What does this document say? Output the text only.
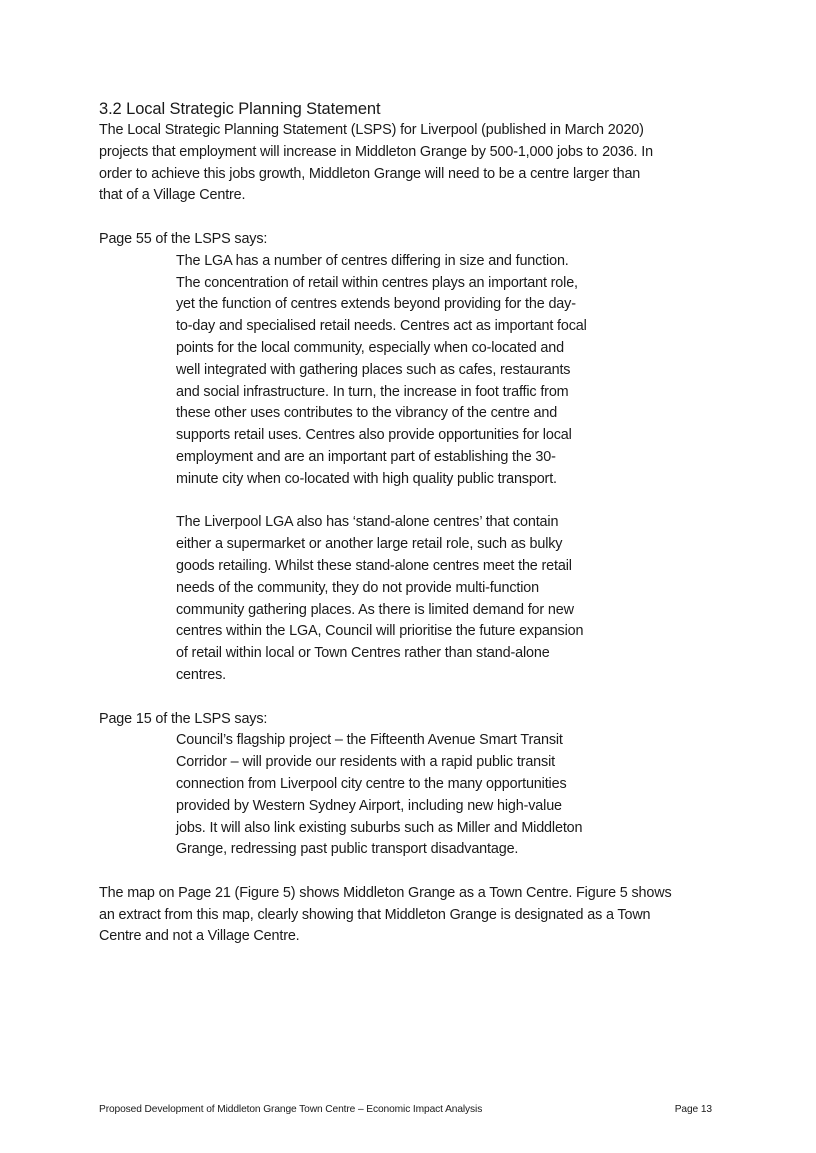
3.2 Local Strategic Planning Statement

The Local Strategic Planning Statement (LSPS) for Liverpool (published in March 2020)
projects that employment will increase in Middleton Grange by 500-1,000 jobs to 2036. In
order to achieve this jobs growth, Middleton Grange will need to be a centre larger than
that of a Village Centre.

Page 55 of the LSPS says:

The LGA has a number of centres differing in size and function.
The concentration of retail within centres plays an important role,
yet the function of centres extends beyond providing for the day-
to-day and specialised retail needs. Centres act as important focal
points for the local community, especially when co-located and
well integrated with gathering places such as cafes, restaurants
and social infrastructure. In turn, the increase in foot traffic from
these other uses contributes to the vibrancy of the centre and
supports retail uses. Centres also provide opportunities for local
employment and are an important part of establishing the 30-
minute city when co-located with high quality public transport.
The Liverpool LGA also has ‘stand-alone centres’ that contain
either a supermarket or another large retail role, such as bulky
goods retailing. Whilst these stand-alone centres meet the retail
needs of the community, they do not provide multi-function
community gathering places. As there is limited demand for new
centres within the LGA, Council will prioritise the future expansion
of retail within local or Town Centres rather than stand-alone
centres.

Page 15 of the LSPS says:

Council’s flagship project – the Fifteenth Avenue Smart Transit
Corridor – will provide our residents with a rapid public transit
connection from Liverpool city centre to the many opportunities
provided by Western Sydney Airport, including new high-value
jobs. It will also link existing suburbs such as Miller and Middleton
Grange, redressing past public transport disadvantage.

The map on Page 21 (Figure 5) shows Middleton Grange as a Town Centre. Figure 5 shows
an extract from this map, clearly showing that Middleton Grange is designated as a Town
Centre and not a Village Centre.

Proposed Development of Middleton Grange Town Centre – Economic Impact Analysis	Page 13
